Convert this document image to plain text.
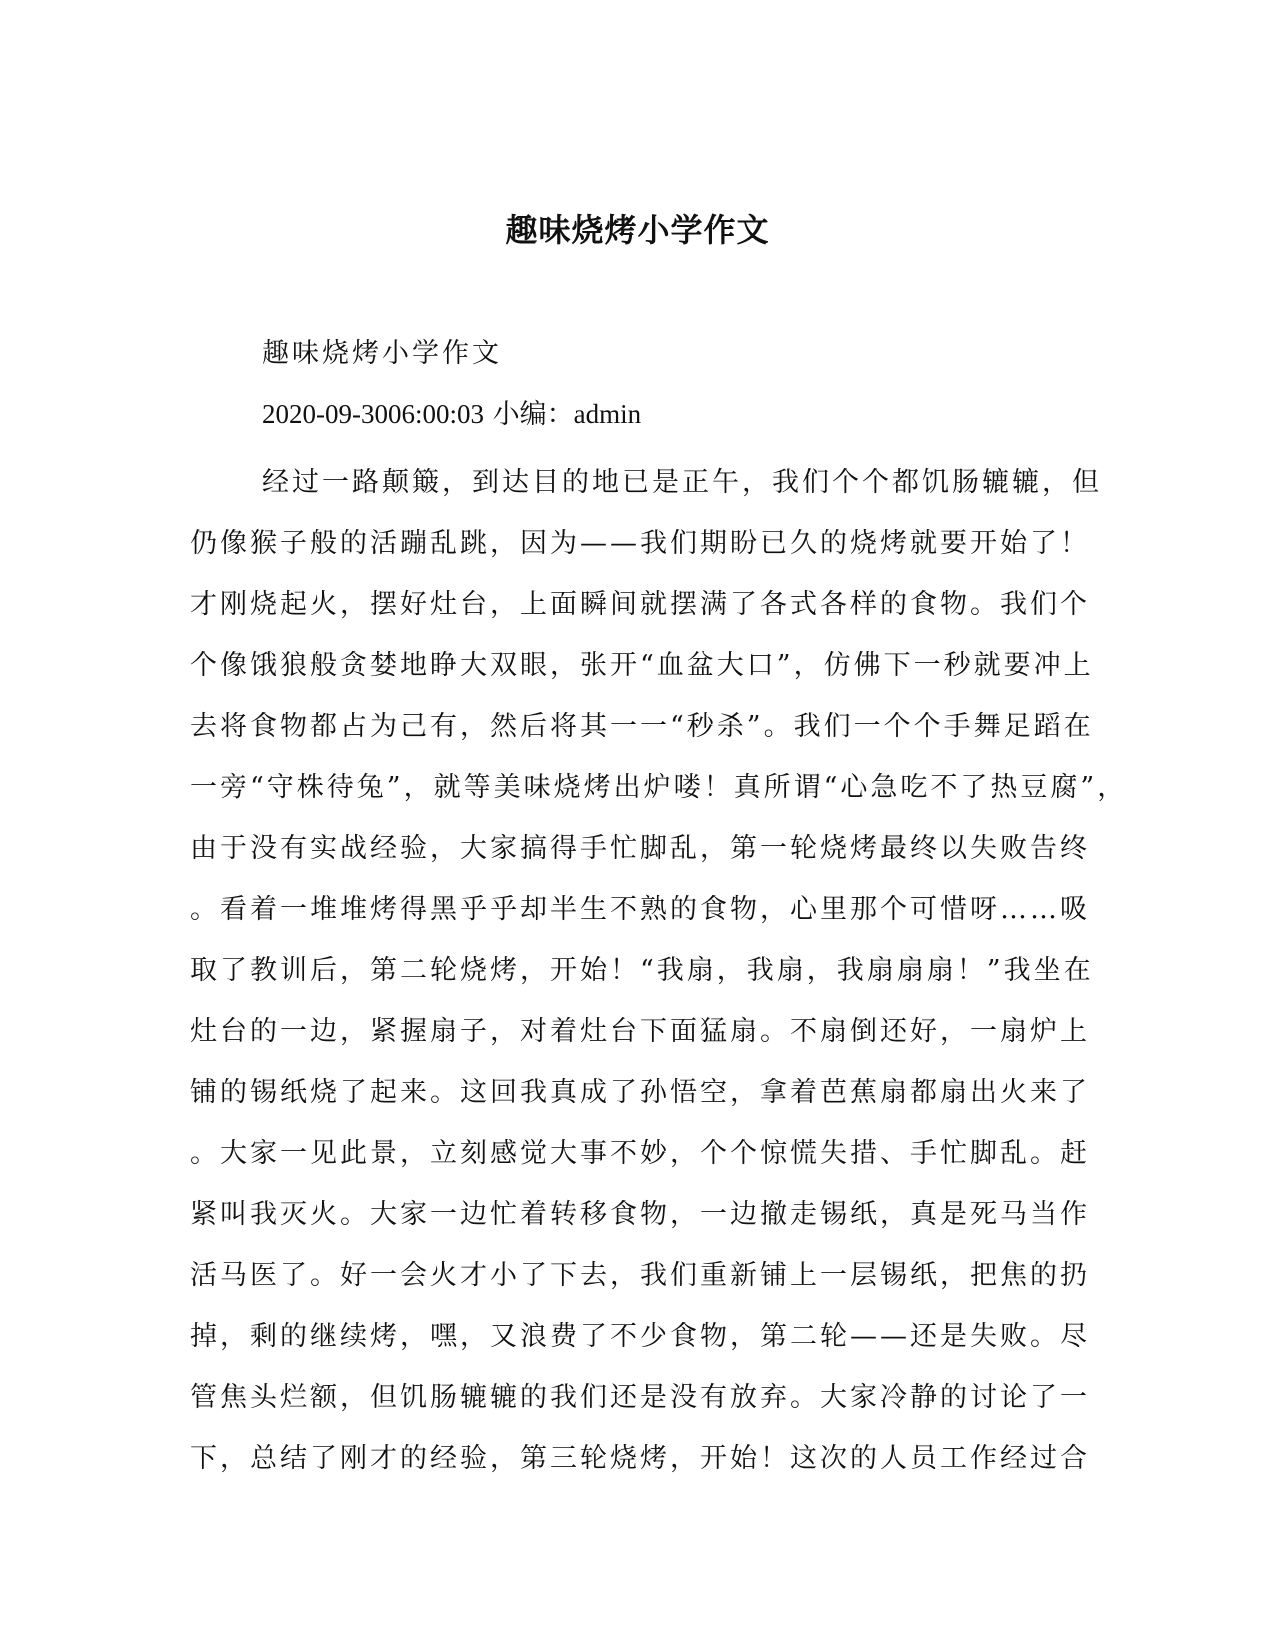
趣味烧烤小学作文

趣味烧烤小学作文

2020-09-3006:00:03 小编：admin

经过一路颠簸，到达目的地已是正午，我们个个都饥肠辘辘，但
仍像猴子般的活蹦乱跳，因为——我们期盼已久的烧烤就要开始了！
才刚烧起火，摆好灶台，上面瞬间就摆满了各式各样的食物。我们个
个像饿狼般贪婪地睁大双眼，张开“血盆大口”，仿佛下一秒就要冲上
去将食物都占为己有，然后将其一一“秒杀”。我们一个个手舞足蹈在
一旁“守株待兔”，就等美味烧烤出炉喽！真所谓“心急吃不了热豆腐”，
由于没有实战经验，大家搞得手忙脚乱，第一轮烧烤最终以失败告终
。看着一堆堆烤得黑乎乎却半生不熟的食物，心里那个可惜呀……吸
取了教训后，第二轮烧烤，开始！“我扇，我扇，我扇扇扇！”我坐在
灶台的一边，紧握扇子，对着灶台下面猛扇。不扇倒还好，一扇炉上
铺的锡纸烧了起来。这回我真成了孙悟空，拿着芭蕉扇都扇出火来了
。大家一见此景，立刻感觉大事不妙，个个惊慌失措、手忙脚乱。赶
紧叫我灭火。大家一边忙着转移食物，一边撤走锡纸，真是死马当作
活马医了。好一会火才小了下去，我们重新铺上一层锡纸，把焦的扔
掉，剩的继续烤，嘿，又浪费了不少食物，第二轮——还是失败。尽
管焦头烂额，但饥肠辘辘的我们还是没有放弃。大家冷静的讨论了一
下，总结了刚才的经验，第三轮烧烤，开始！这次的人员工作经过合
